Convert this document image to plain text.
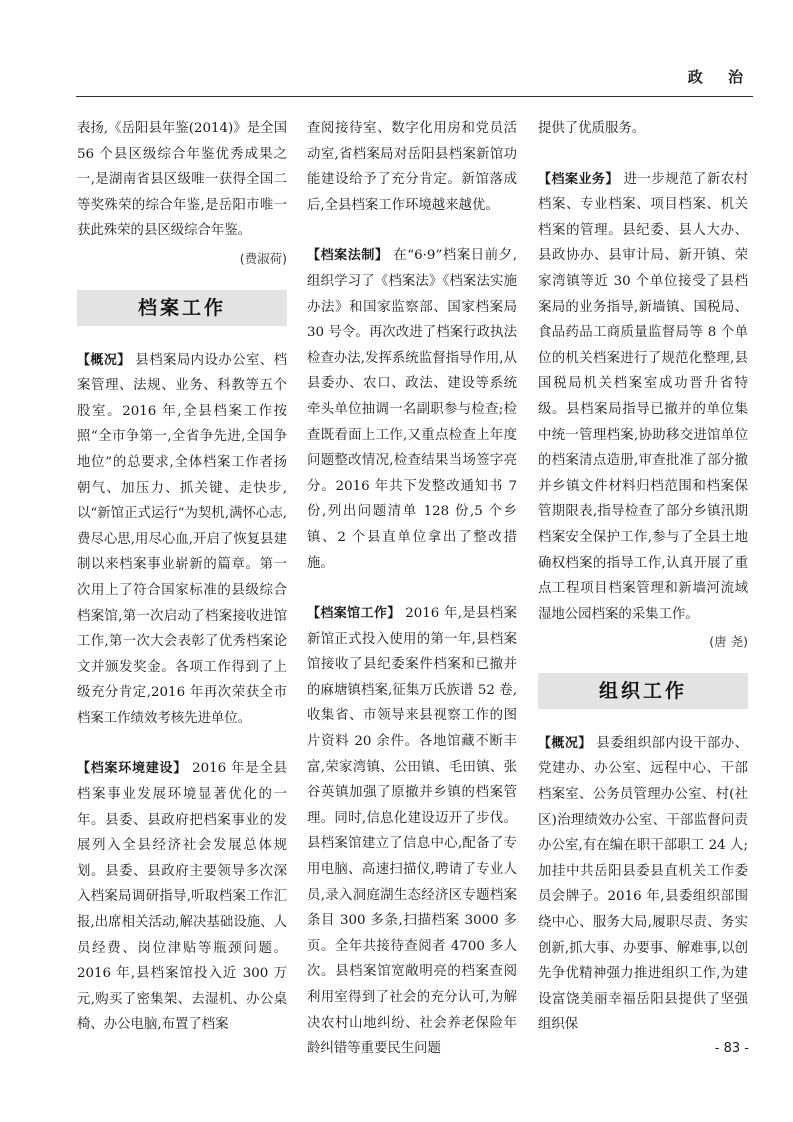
政 治

表扬,《岳阳县年鉴(2014)》是全国 56 个县区级综合年鉴优秀成果之一,是湖南省县区级唯一获得全国二等奖殊荣的综合年鉴,是岳阳市唯一获此殊荣的县区级综合年鉴。

(费淑荷)
档案工作

【概况】 县档案局内设办公室、档案管理、法规、业务、科教等五个股室。2016 年,全县档案工作按照“全市争第一,全省争先进,全国争地位”的总要求,全体档案工作者扬朝气、加压力、抓关键、走快步,以“新馆正式运行”为契机,满怀心志,费尽心思,用尽心血,开启了恢复县建制以来档案事业崭新的篇章。第一次用上了符合国家标准的县级综合档案馆,第一次启动了档案接收进馆工作,第一次大会表彰了优秀档案论文并颁发奖金。各项工作得到了上级充分肯定,2016 年再次荣获全市档案工作绩效考核先进单位。

【档案环境建设】 2016 年是全县档案事业发展环境显著优化的一年。县委、县政府把档案事业的发展列入全县经济社会发展总体规划。县委、县政府主要领导多次深入档案局调研指导,听取档案工作汇报,出席相关活动,解决基础设施、人员经费、岗位津贴等瓶颈问题。2016 年,县档案馆投入近 300 万元,购买了密集架、去湿机、办公桌椅、办公电脑,布置了档案

查阅接待室、数字化用房和党员活动室,省档案局对岳阳县档案新馆功能建设给予了充分肯定。新馆落成后,全县档案工作环境越来越优。

【档案法制】 在“6·9”档案日前夕,组织学习了《档案法》《档案法实施办法》和国家监察部、国家档案局 30 号令。再次改进了档案行政执法检查办法,发挥系统监督指导作用,从县委办、农口、政法、建设等系统牵头单位抽调一名副职参与检查;检查既看面上工作,又重点检查上年度问题整改情况,检查结果当场签字亮分。2016 年共下发整改通知书 7 份,列出问题清单 128 份,5 个乡镇、2 个县直单位拿出了整改措施。

【档案馆工作】 2016 年,是县档案新馆正式投入使用的第一年,县档案馆接收了县纪委案件档案和已撤并的麻塘镇档案,征集万氏族谱 52 卷,收集省、市领导来县视察工作的图片资料 20 余件。各地馆藏不断丰富,荣家湾镇、公田镇、毛田镇、张谷英镇加强了原撤并乡镇的档案管理。同时,信息化建设迈开了步伐。县档案馆建立了信息中心,配备了专用电脑、高速扫描仪,聘请了专业人员,录入洞庭湖生态经济区专题档案条目 300 多条,扫描档案 3000 多页。全年共接待查阅者 4700 多人次。县档案馆宽敞明亮的档案查阅利用室得到了社会的充分认可,为解决农村山地纠纷、社会养老保险年龄纠错等重要民生问题

提供了优质服务。

【档案业务】 进一步规范了新农村档案、专业档案、项目档案、机关档案的管理。县纪委、县人大办、县政协办、县审计局、新开镇、荣家湾镇等近 30 个单位接受了县档案局的业务指导,新墙镇、国税局、食品药品工商质量监督局等 8 个单位的机关档案进行了规范化整理,县国税局机关档案室成功晋升省特级。县档案局指导已撤并的单位集中统一管理档案,协助移交进馆单位的档案清点造册,审查批准了部分撤并乡镇文件材料归档范围和档案保管期限表,指导检查了部分乡镇汛期档案安全保护工作,参与了全县土地确权档案的指导工作,认真开展了重点工程项目档案管理和新墙河流域湿地公园档案的采集工作。

(唐 尧)
组织工作

【概况】 县委组织部内设干部办、党建办、办公室、远程中心、干部档案室、公务员管理办公室、村(社区)治理绩效办公室、干部监督问责办公室,有在编在职干部职工 24 人;加挂中共岳阳县委县直机关工作委员会牌子。2016 年,县委组织部围绕中心、服务大局,履职尽责、务实创新,抓大事、办要事、解难事,以创先争优精神强力推进组织工作,为建设富饶美丽幸福岳阳县提供了坚强组织保

- 83 -
